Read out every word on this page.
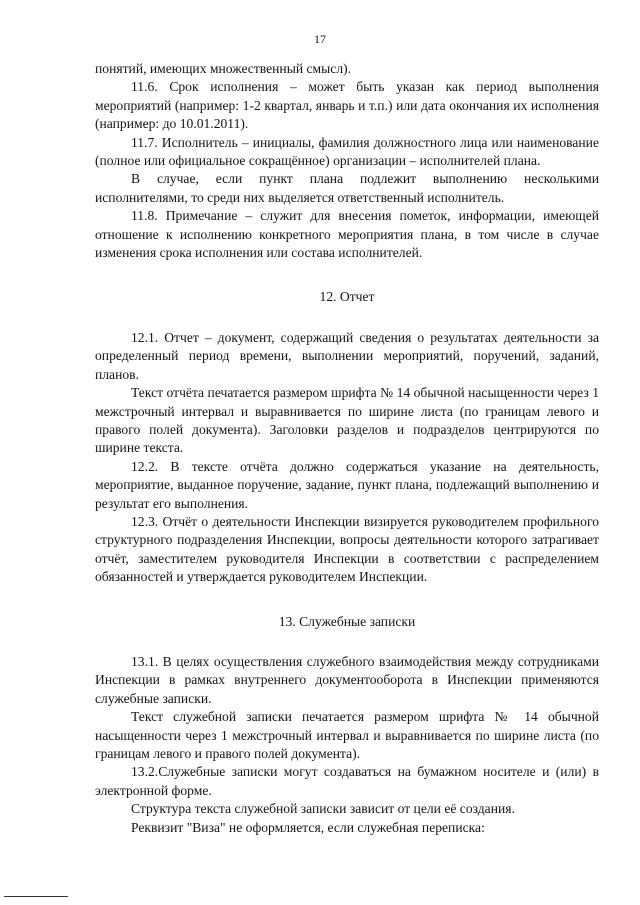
17

понятий, имеющих множественный смысл).

11.6. Срок исполнения – может быть указан как период выполнения мероприятий (например: 1-2 квартал, январь и т.п.) или дата окончания их исполнения (например: до 10.01.2011).

11.7. Исполнитель – инициалы, фамилия должностного лица или наименование (полное или официальное сокращённое) организации – исполнителей плана.

В случае, если пункт плана подлежит выполнению несколькими исполнителями, то среди них выделяется ответственный исполнитель.

11.8. Примечание – служит для внесения пометок, информации, имеющей отношение к исполнению конкретного мероприятия плана, в том числе в случае изменения срока исполнения или состава исполнителей.

12. Отчет

12.1. Отчет – документ, содержащий сведения о результатах деятельности за определенный период времени, выполнении мероприятий, поручений, заданий, планов.

Текст отчёта печатается размером шрифта № 14 обычной насыщенности через 1 межстрочный интервал и выравнивается по ширине листа (по границам левого и правого полей документа). Заголовки разделов и подразделов центрируются по ширине текста.

12.2. В тексте отчёта должно содержаться указание на деятельность, мероприятие, выданное поручение, задание, пункт плана, подлежащий выполнению и результат его выполнения.

12.3. Отчёт о деятельности Инспекции визируется руководителем профильного структурного подразделения Инспекции, вопросы деятельности которого затрагивает отчёт, заместителем руководителя Инспекции в соответствии с распределением обязанностей и утверждается руководителем Инспекции.

13. Служебные записки

13.1. В целях осуществления служебного взаимодействия между сотрудниками Инспекции в рамках внутреннего документооборота в Инспекции применяются служебные записки.

Текст служебной записки печатается размером шрифта № 14 обычной насыщенности через 1 межстрочный интервал и выравнивается по ширине листа (по границам левого и правого полей документа).

13.2.Служебные записки могут создаваться на бумажном носителе и (или) в электронной форме.

Структура текста служебной записки зависит от цели её создания.

Реквизит "Виза" не оформляется, если служебная переписка:
